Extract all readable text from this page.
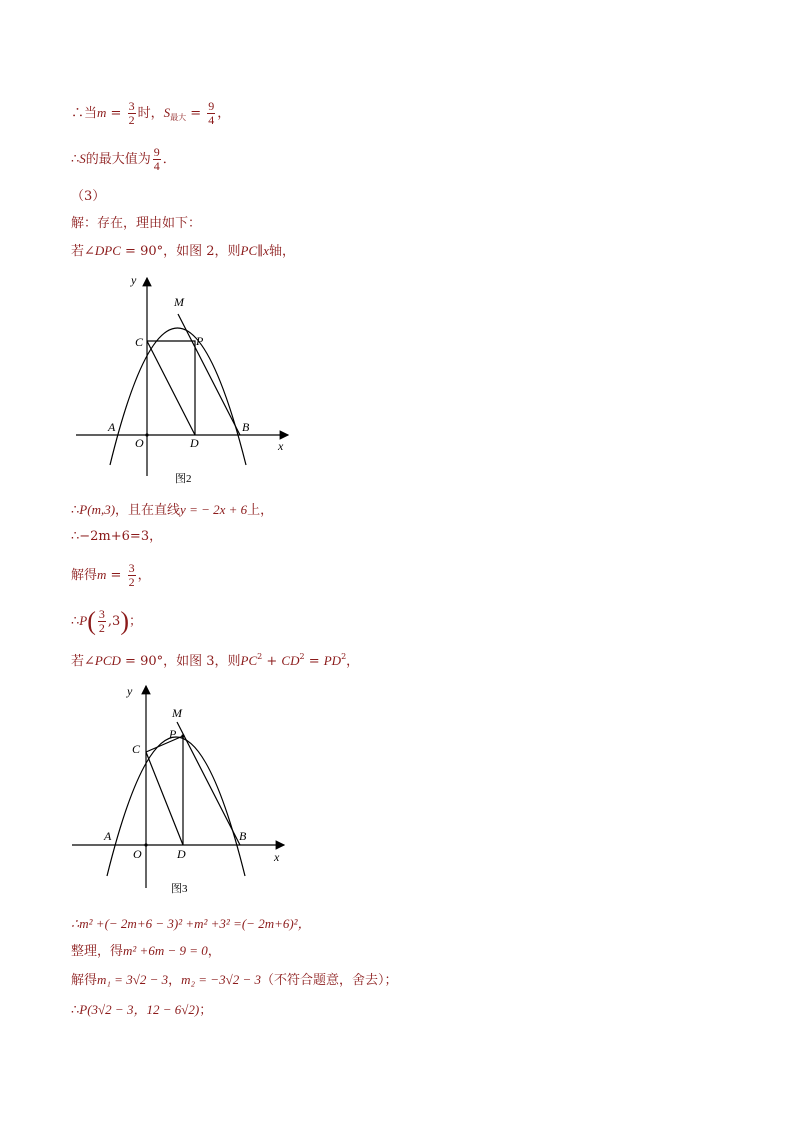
∴当$m = \frac{3}{2}$ 时，$S_{最大} = \frac{9}{4}$ ，
∴S的最大值为 $\frac{9}{4}$ ．
（3）
解：存在，理由如下：
若∠DPC = 90°，如图 2，则PC∥x轴，
y
x
M
C	P
A
O	D
B
图2
∴P(m,3)，且在直线y = − 2x + 6上，
∴−2m+6=3，
解得$m = \frac{3}{2}$ ，
∴P( $\frac{3}{2} ,3$)；
若∠PCD = 90°，如图 3，则$PC^2 + CD^2 = PD^2$，
y
x
M
C
P
A
O	D
B
图3
∴m² +(− 2m+6 − 3)² +m² +3² =(− 2m+6)²，
整理，得m² +6m − 9 = 0，
解得m₁ = 3√2 − 3，m₂ = −3√2 − 3（不符合题意，舍去）；
∴P(3√2 − 3，12 − 6√2)；
